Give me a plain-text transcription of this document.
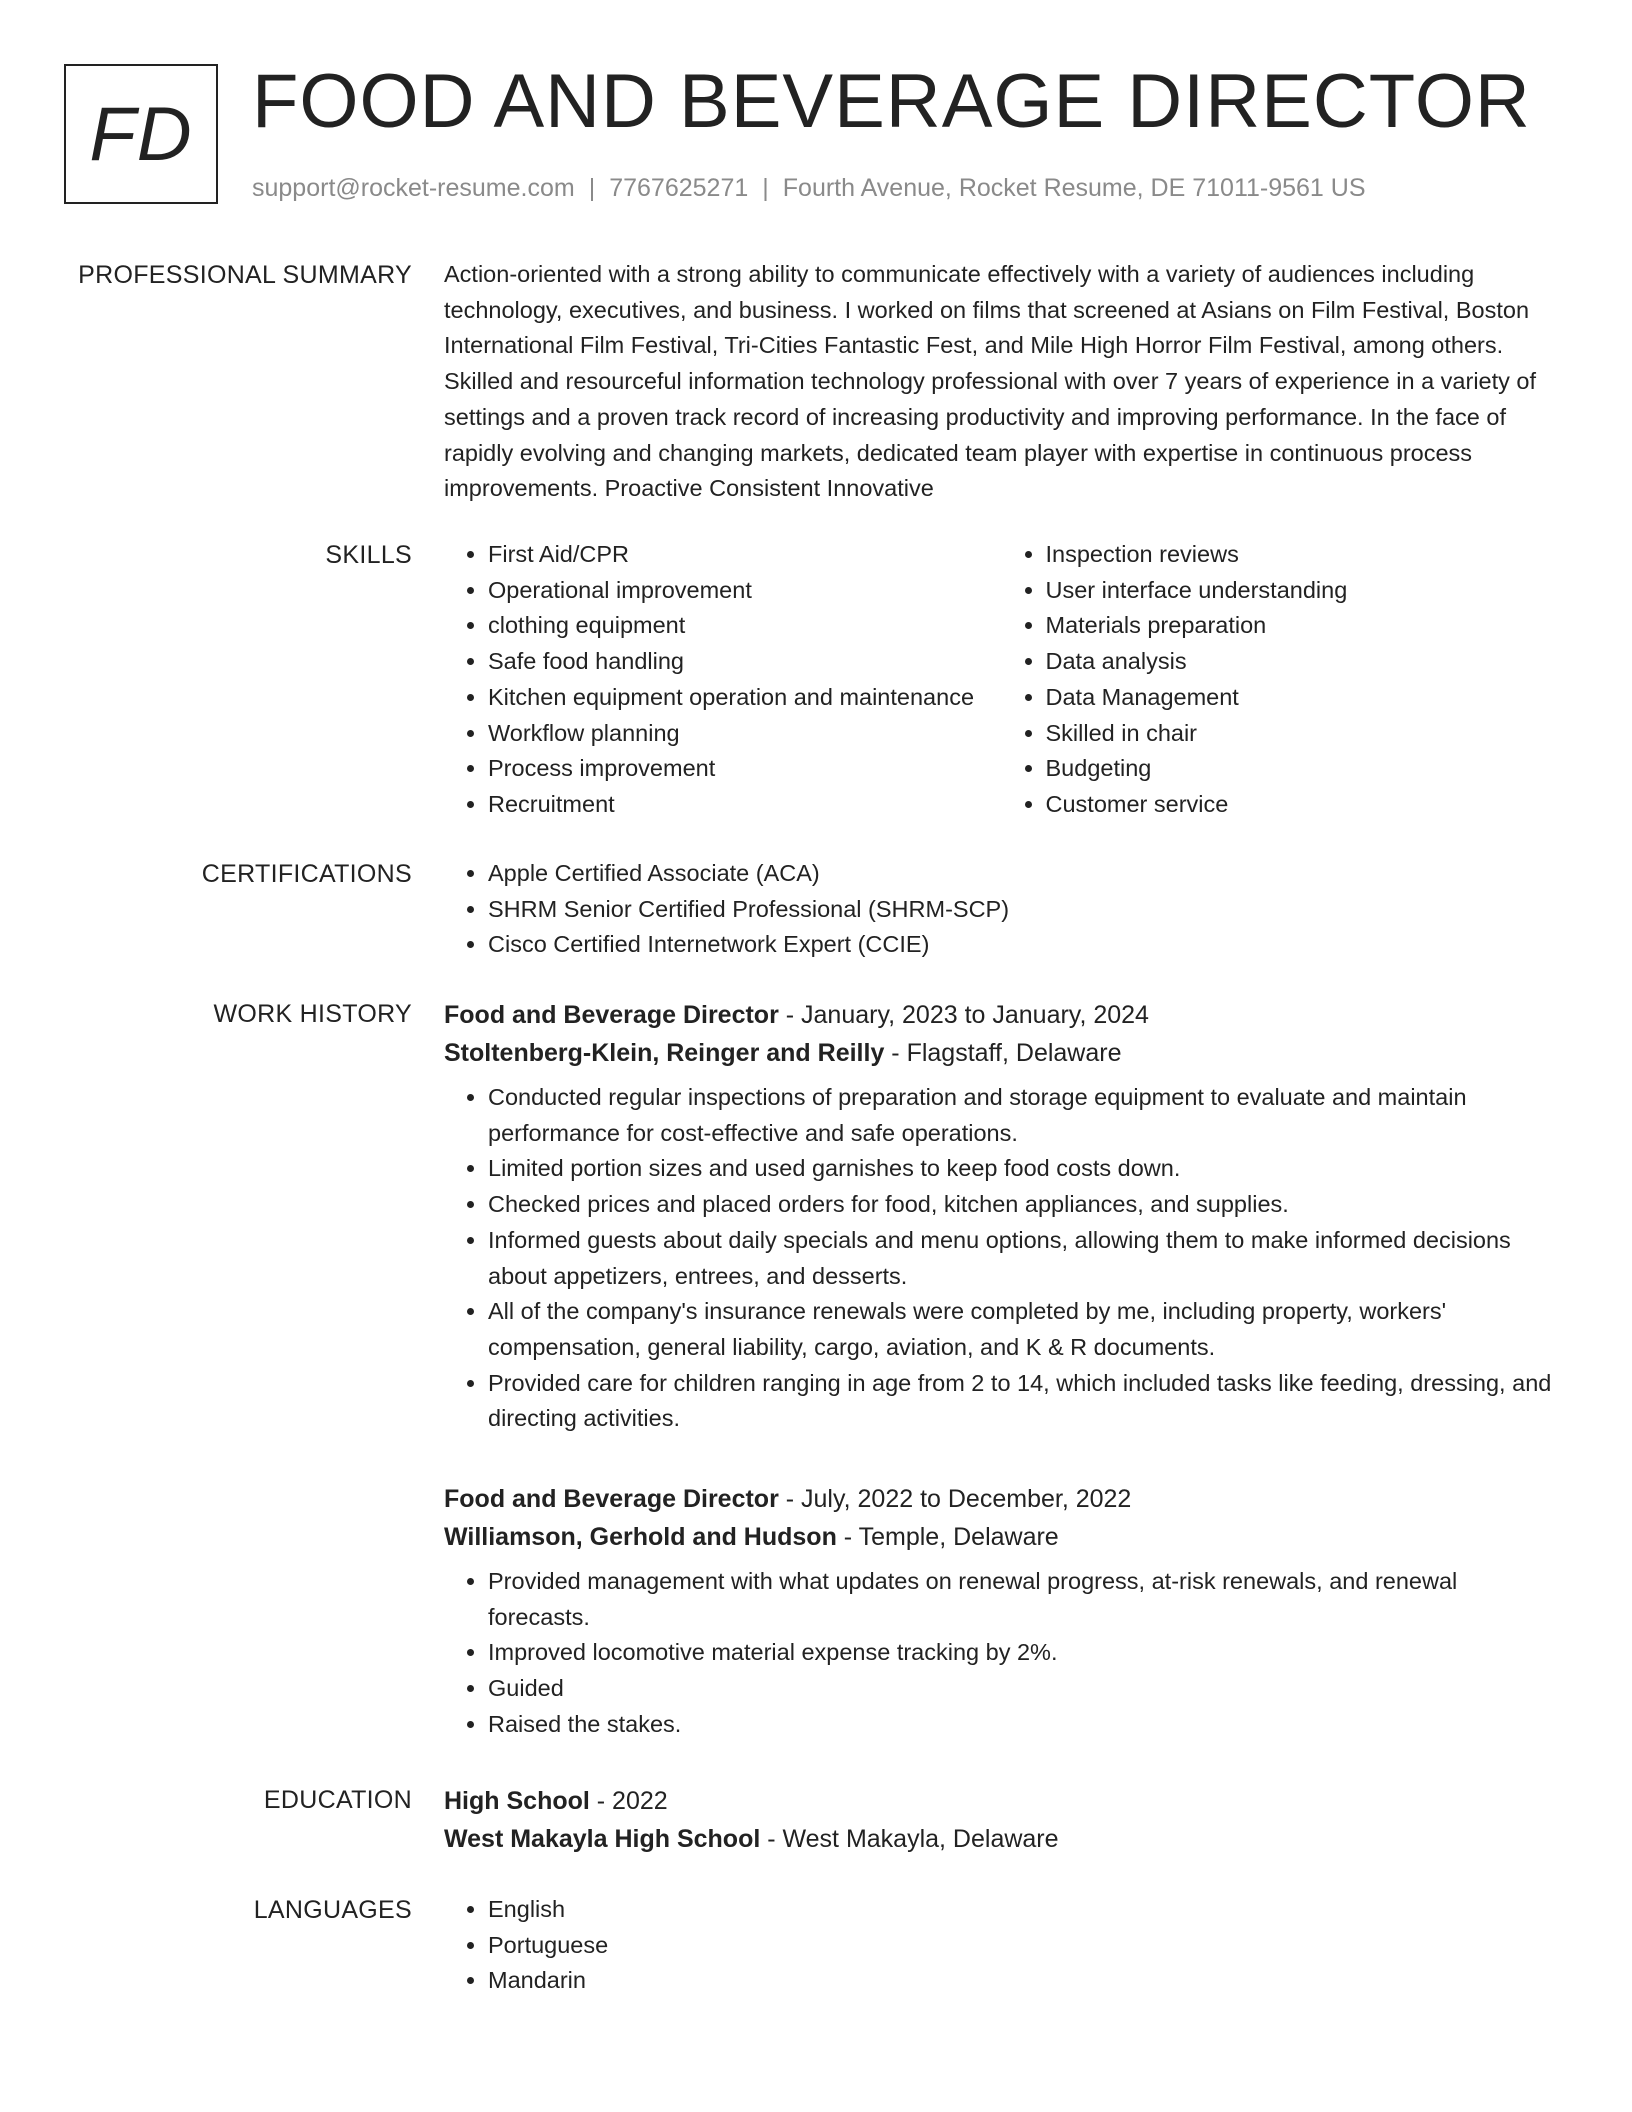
FD FOOD AND BEVERAGE DIRECTOR
support@rocket-resume.com | 7767625271 | Fourth Avenue, Rocket Resume, DE 71011-9561 US
PROFESSIONAL SUMMARY Action-oriented with a strong ability to communicate effectively with a variety of audiences including technology, executives, and business. I worked on films that screened at Asians on Film Festival, Boston International Film Festival, Tri-Cities Fantastic Fest, and Mile High Horror Film Festival, among others. Skilled and resourceful information technology professional with over 7 years of experience in a variety of settings and a proven track record of increasing productivity and improving performance. In the face of rapidly evolving and changing markets, dedicated team player with expertise in continuous process improvements. Proactive Consistent Innovative

SKILLS	• First Aid/CPR
• Operational improvement
• clothing equipment
• Safe food handling
• Kitchen equipment operation and maintenance
• Workflow planning
• Process improvement
• Recruitment
• Inspection reviews
• User interface understanding
• Materials preparation
• Data analysis
• Data Management
• Skilled in chair
• Budgeting
• Customer service
CERTIFICATIONS	• Apple Certified Associate (ACA)
• SHRM Senior Certified Professional (SHRM-SCP)
• Cisco Certified Internetwork Expert (CCIE)
WORK HISTORY Food and Beverage Director - January, 2023 to January, 2024
Stoltenberg-Klein, Reinger and Reilly - Flagstaff, Delaware
• Conducted regular inspections of preparation and storage equipment to evaluate and maintain performance for cost-effective and safe operations.
• Limited portion sizes and used garnishes to keep food costs down.
• Checked prices and placed orders for food, kitchen appliances, and supplies.
• Informed guests about daily specials and menu options, allowing them to make informed decisions about appetizers, entrees, and desserts.
• All of the company's insurance renewals were completed by me, including property, workers' compensation, general liability, cargo, aviation, and K & R documents.
• Provided care for children ranging in age from 2 to 14, which included tasks like feeding, dressing, and directing activities.
Food and Beverage Director - July, 2022 to December, 2022
Williamson, Gerhold and Hudson - Temple, Delaware
• Provided management with what updates on renewal progress, at-risk renewals, and renewal forecasts.
• Improved locomotive material expense tracking by 2%.
• Guided
• Raised the stakes.
EDUCATION High School - 2022
West Makayla High School - West Makayla, Delaware
LANGUAGES	• English
• Portuguese
• Mandarin
